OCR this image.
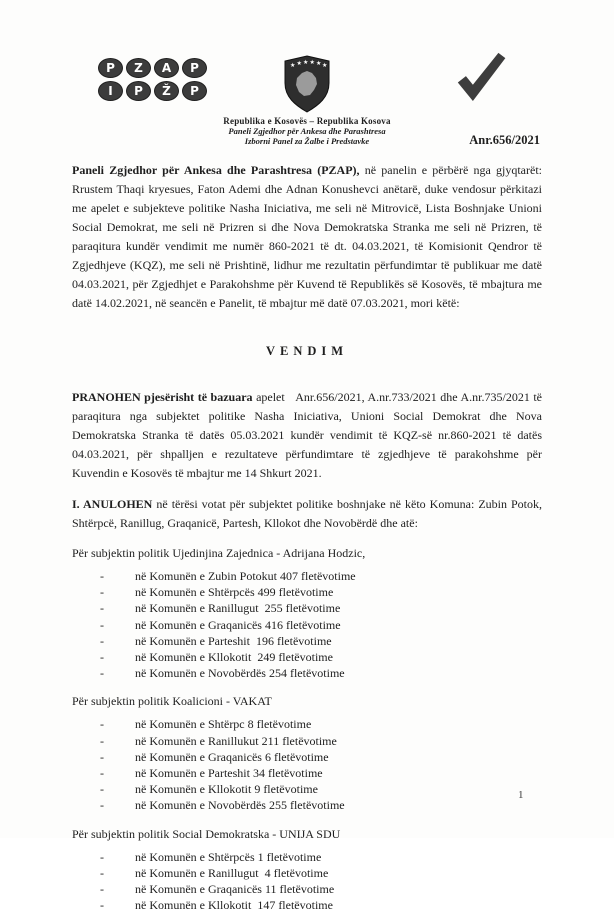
P	Z	A	P
I	P	Ž	P
★ ★ ★ ★ ★ ★
Republika e Kosovës – Republika Kosova
Paneli Zgjedhor për Ankesa dhe Parashtresa
Izborni Panel za Žalbe i Predstavke	Anr.656/2021

Paneli Zgjedhor për Ankesa dhe Parashtresa (PZAP), në panelin e përbërë nga gjyqtarët: Rrustem Thaqi kryesues, Faton Ademi dhe Adnan Konushevci anëtarë, duke vendosur përkitazi me apelet e subjekteve politike Nasha Iniciativa, me seli në Mitrovicë, Lista Boshnjake Unioni Social Demokrat, me seli në Prizren si dhe Nova Demokratska Stranka me seli në Prizren, të paraqitura kundër vendimit me numër 860-2021 të dt. 04.03.2021, të Komisionit Qendror të Zgjedhjeve (KQZ), me seli në Prishtinë, lidhur me rezultatin përfundimtar të publikuar me datë 04.03.2021, për Zgjedhjet e Parakohshme për Kuvend të Republikës së Kosovës, të mbajtura me datë 14.02.2021, në seancën e Panelit, të mbajtur më datë 07.03.2021, mori këtë:

VENDIM

PRANOHEN pjesërisht të bazuara apelet   Anr.656/2021, A.nr.733/2021 dhe A.nr.735/2021 të paraqitura nga subjektet politike Nasha Iniciativa, Unioni Social Demokrat dhe Nova Demokratska Stranka të datës 05.03.2021 kundër vendimit të KQZ-së nr.860-2021 të datës 04.03.2021, për shpalljen e rezultateve përfundimtare të zgjedhjeve të parakohshme për Kuvendin e Kosovës të mbajtur me 14 Shkurt 2021.

I. ANULOHEN në tërësi votat për subjektet politike boshnjake në këto Komuna: Zubin Potok, Shtërpcë, Ranillug, Graqanicë, Partesh, Kllokot dhe Novobërdë dhe atë:

Për subjektin politik Ujedinjina Zajednica - Adrijana Hodzic,
-
në Komunën e Zubin Potokut 407 fletëvotime
-
në Komunën e Shtërpcës 499 fletëvotime
-
në Komunën e Ranillugut  255 fletëvotime
-
në Komunën e Graqanicës 416 fletëvotime
-
në Komunën e Parteshit  196 fletëvotime
-
në Komunën e Kllokotit  249 fletëvotime
-
në Komunën e Novobërdës 254 fletëvotime
Për subjektin politik Koalicioni - VAKAT
-
në Komunën e Shtërpc 8 fletëvotime
-
në Komunën e Ranillukut 211 fletëvotime
-
në Komunën e Graqanicës 6 fletëvotime
-
në Komunën e Parteshit 34 fletëvotime
-
në Komunën e Kllokotit 9 fletëvotime
-
në Komunën e Novobërdës 255 fletëvotime
Për subjektin politik Social Demokratska - UNIJA SDU
-
në Komunën e Shtërpcës 1 fletëvotime
-
në Komunën e Ranillugut  4 fletëvotime
-
në Komunën e Graqanicës 11 fletëvotime
-
në Komunën e Kllokotit  147 fletëvotime
1
